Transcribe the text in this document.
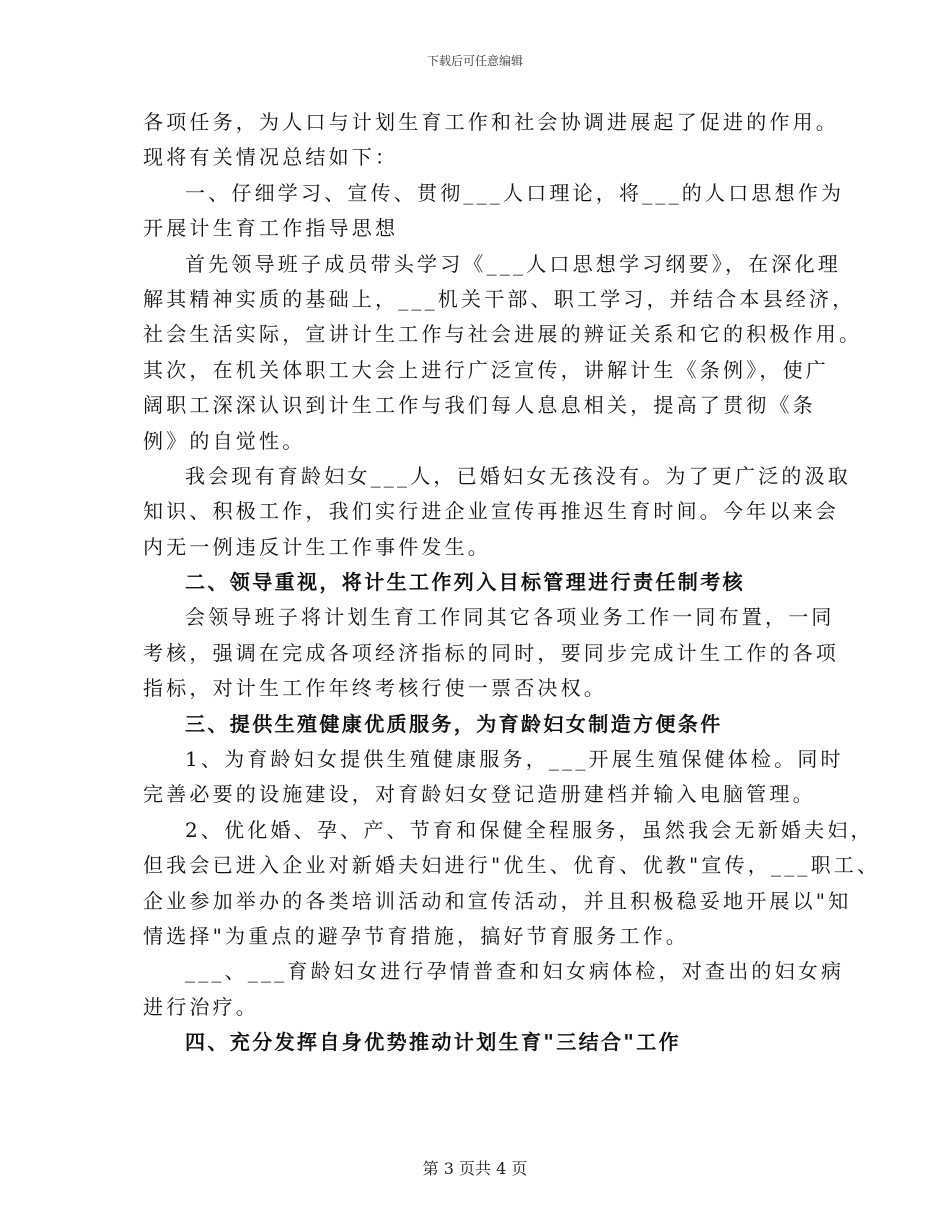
下载后可任意编辑
各项任务，为人口与计划生育工作和社会协调进展起了促进的作用。
现将有关情况总结如下：
一、仔细学习、宣传、贯彻___人口理论，将___的人口思想作为
开展计生育工作指导思想
首先领导班子成员带头学习《___人口思想学习纲要》，在深化理
解其精神实质的基础上，___机关干部、职工学习，并结合本县经济，
社会生活实际，宣讲计生工作与社会进展的辨证关系和它的积极作用。
其次，在机关体职工大会上进行广泛宣传，讲解计生《条例》，使广
阔职工深深认识到计生工作与我们每人息息相关，提高了贯彻《条
例》的自觉性。
我会现有育龄妇女___人，已婚妇女无孩没有。为了更广泛的汲取
知识、积极工作，我们实行进企业宣传再推迟生育时间。今年以来会
内无一例违反计生工作事件发生。
二、领导重视，将计生工作列入目标管理进行责任制考核
会领导班子将计划生育工作同其它各项业务工作一同布置，一同
考核，强调在完成各项经济指标的同时，要同步完成计生工作的各项
指标，对计生工作年终考核行使一票否决权。
三、提供生殖健康优质服务，为育龄妇女制造方便条件
1、为育龄妇女提供生殖健康服务，___开展生殖保健体检。同时
完善必要的设施建设，对育龄妇女登记造册建档并输入电脑管理。
2、优化婚、孕、产、节育和保健全程服务，虽然我会无新婚夫妇，
但我会已进入企业对新婚夫妇进行"优生、优育、优教"宣传，___职工、
企业参加举办的各类培训活动和宣传活动，并且积极稳妥地开展以"知
情选择"为重点的避孕节育措施，搞好节育服务工作。
___、___育龄妇女进行孕情普查和妇女病体检，对查出的妇女病
进行治疗。
四、充分发挥自身优势推动计划生育"三结合"工作
第 3 页共 4 页
